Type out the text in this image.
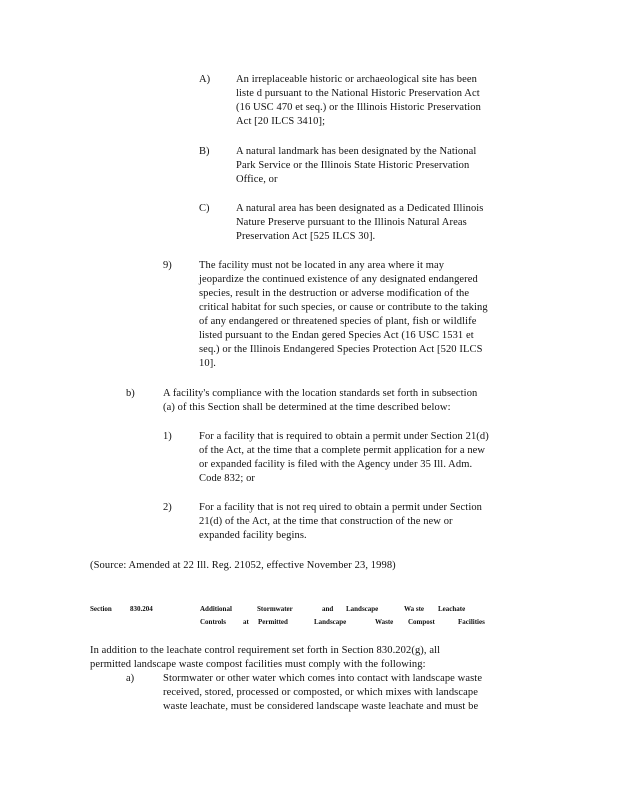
A) An irreplaceable historic or archaeological site has been
liste d pursuant to the National Historic Preservation Act
(16 USC 470 et seq.) or the Illinois Historic Preservation
Act [20 ILCS 3410];
B)	A natural landmark has been designated by the National
Park Service or the Illinois State Historic Preservation
Office, or
C)	A natural area has been designated as a Dedicated Illinois
Nature Preserve pursuant to the Illinois Natural Areas
Preservation Act [525 ILCS 30].
9)	The facility must not be located in any area where it may
jeopardize the continued existence of any designated endangered
species, result in the destruction or adverse modification of the
critical habitat for such species, or cause or contribute to the taking
of any endangered or threatened species of plant, fish or wildlife
listed pursuant to the Endan gered Species Act (16 USC 1531 et
seq.) or the Illinois Endangered Species Protection Act [520 ILCS
10].
b)	A facility's compliance with the location standards set forth in subsection
(a) of this Section shall be determined at the time described below:
1)	For a facility that is required to obtain a permit under Section 21(d)
of the Act, at the time that a complete permit application for a new
or expanded facility is filed with the Agency under 35 Ill. Adm.
Code 832; or
2)	For a facility that is not req uired to obtain a permit under Section
21(d) of the Act, at the time that construction of the new or
expanded facility begins.
(Source: Amended at 22 Ill. Reg. 21052, effective November 23, 1998)
Section	830.204	Additional	Stormwater	and Landscape	Wa ste Leachate
Controls at Permitted	Landscape	Waste Compost	Facilities
In addition to the leachate control requirement set forth in Section 830.202(g), all
permitted landscape waste compost facilities must comply with the following:
a)	Stormwater or other water which comes into contact with landscape waste
received, stored, processed or composted, or which mixes with landscape
waste leachate, must be considered landscape waste leachate and must be
